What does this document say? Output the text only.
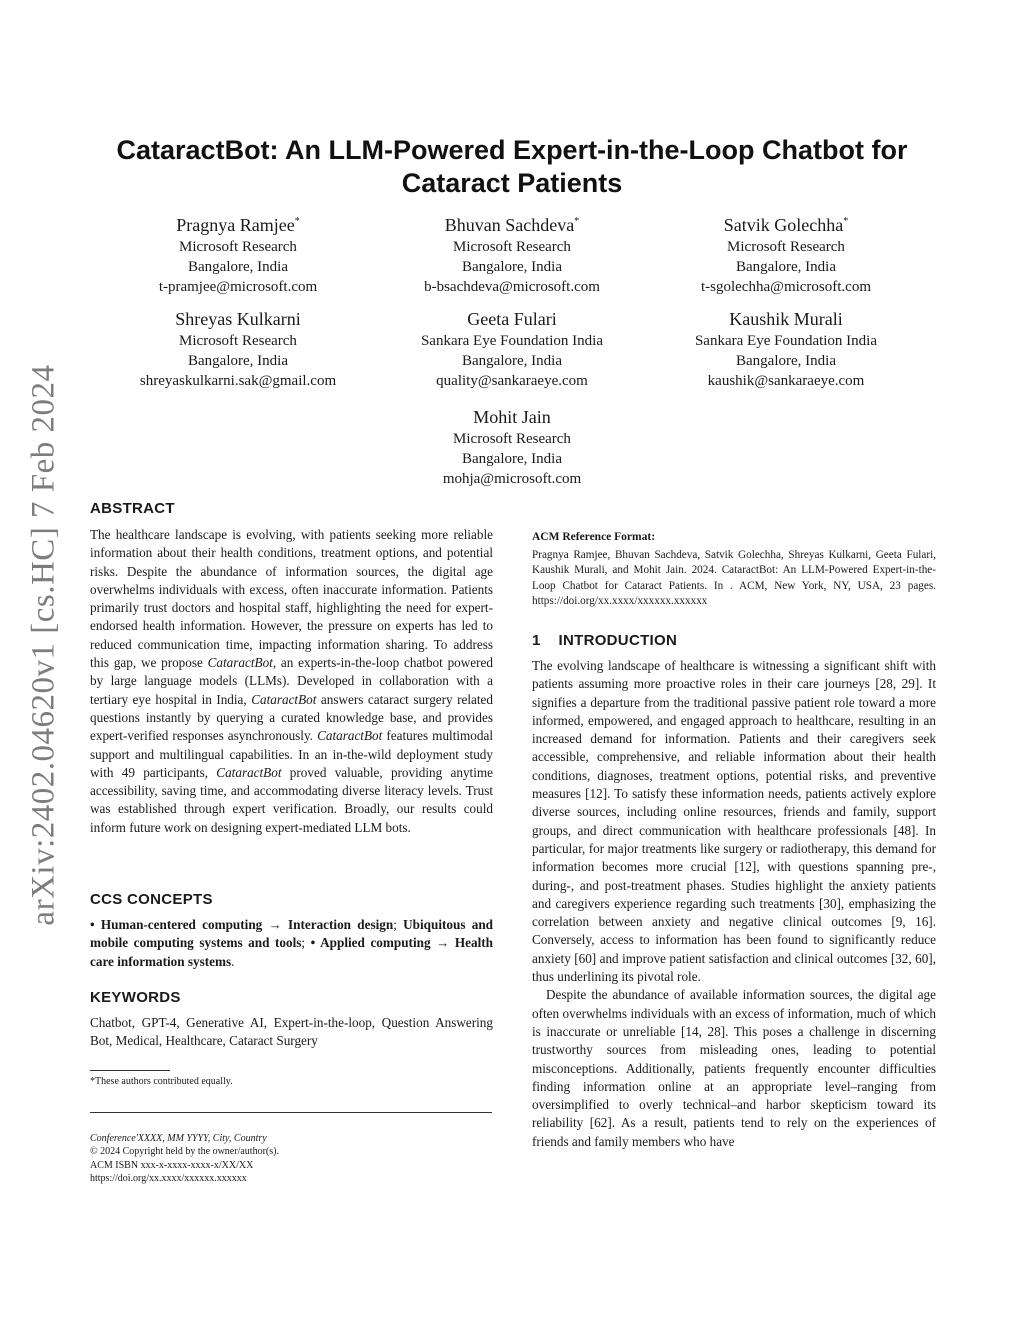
arXiv:2402.04620v1 [cs.HC] 7 Feb 2024
CataractBot: An LLM-Powered Expert-in-the-Loop Chatbot for Cataract Patients
Pragnya Ramjee*
Microsoft Research
Bangalore, India
t-pramjee@microsoft.com
Bhuvan Sachdeva*
Microsoft Research
Bangalore, India
b-bsachdeva@microsoft.com
Satvik Golechha*
Microsoft Research
Bangalore, India
t-sgolechha@microsoft.com
Shreyas Kulkarni
Microsoft Research
Bangalore, India
shreyaskulkarni.sak@gmail.com
Geeta Fulari
Sankara Eye Foundation India
Bangalore, India
quality@sankaraeye.com
Kaushik Murali
Sankara Eye Foundation India
Bangalore, India
kaushik@sankaraeye.com
Mohit Jain
Microsoft Research
Bangalore, India
mohja@microsoft.com
ABSTRACT

The healthcare landscape is evolving, with patients seeking more reliable information about their health conditions, treatment options, and potential risks. Despite the abundance of information sources, the digital age overwhelms individuals with excess, often inaccurate information. Patients primarily trust doctors and hospital staff, highlighting the need for expert-endorsed health information. However, the pressure on experts has led to reduced communication time, impacting information sharing. To address this gap, we propose CataractBot, an experts-in-the-loop chatbot powered by large language models (LLMs). Developed in collaboration with a tertiary eye hospital in India, CataractBot answers cataract surgery related questions instantly by querying a curated knowledge base, and provides expert-verified responses asynchronously. CataractBot features multimodal support and multilingual capabilities. In an in-the-wild deployment study with 49 participants, CataractBot proved valuable, providing anytime accessibility, saving time, and accommodating diverse literacy levels. Trust was established through expert verification. Broadly, our results could inform future work on designing expert-mediated LLM bots.

CCS CONCEPTS

• Human-centered computing → Interaction design; Ubiquitous and mobile computing systems and tools; • Applied computing → Health care information systems.

KEYWORDS
Chatbot, GPT-4, Generative AI, Expert-in-the-loop, Question Answering Bot, Medical, Healthcare, Cataract Surgery
*These authors contributed equally.
Conference'XXXX, MM YYYY, City, Country
© 2024 Copyright held by the owner/author(s).
ACM ISBN xxx-x-xxxx-xxxx-x/XX/XX
https://doi.org/xx.xxxx/xxxxxx.xxxxxx
ACM Reference Format:
Pragnya Ramjee, Bhuvan Sachdeva, Satvik Golechha, Shreyas Kulkarni, Geeta Fulari, Kaushik Murali, and Mohit Jain. 2024. CataractBot: An LLM-Powered Expert-in-the-Loop Chatbot for Cataract Patients. In . ACM, New York, NY, USA, 23 pages. https://doi.org/xx.xxxx/xxxxxx.xxxxxx
1    INTRODUCTION

The evolving landscape of healthcare is witnessing a significant shift with patients assuming more proactive roles in their care journeys [28, 29]. It signifies a departure from the traditional passive patient role toward a more informed, empowered, and engaged approach to healthcare, resulting in an increased demand for information. Patients and their caregivers seek accessible, comprehensive, and reliable information about their health conditions, diagnoses, treatment options, potential risks, and preventive measures [12]. To satisfy these information needs, patients actively explore diverse sources, including online resources, friends and family, support groups, and direct communication with healthcare professionals [48]. In particular, for major treatments like surgery or radiotherapy, this demand for information becomes more crucial [12], with questions spanning pre-, during-, and post-treatment phases. Studies highlight the anxiety patients and caregivers experience regarding such treatments [30], emphasizing the correlation between anxiety and negative clinical outcomes [9, 16]. Conversely, access to information has been found to significantly reduce anxiety [60] and improve patient satisfaction and clinical outcomes [32, 60], thus underlining its pivotal role.

Despite the abundance of available information sources, the digital age often overwhelms individuals with an excess of information, much of which is inaccurate or unreliable [14, 28]. This poses a challenge in discerning trustworthy sources from misleading ones, leading to potential misconceptions. Additionally, patients frequently encounter difficulties finding information online at an appropriate level–ranging from oversimplified to overly technical–and harbor skepticism toward its reliability [62]. As a result, patients tend to rely on the experiences of friends and family members who have
